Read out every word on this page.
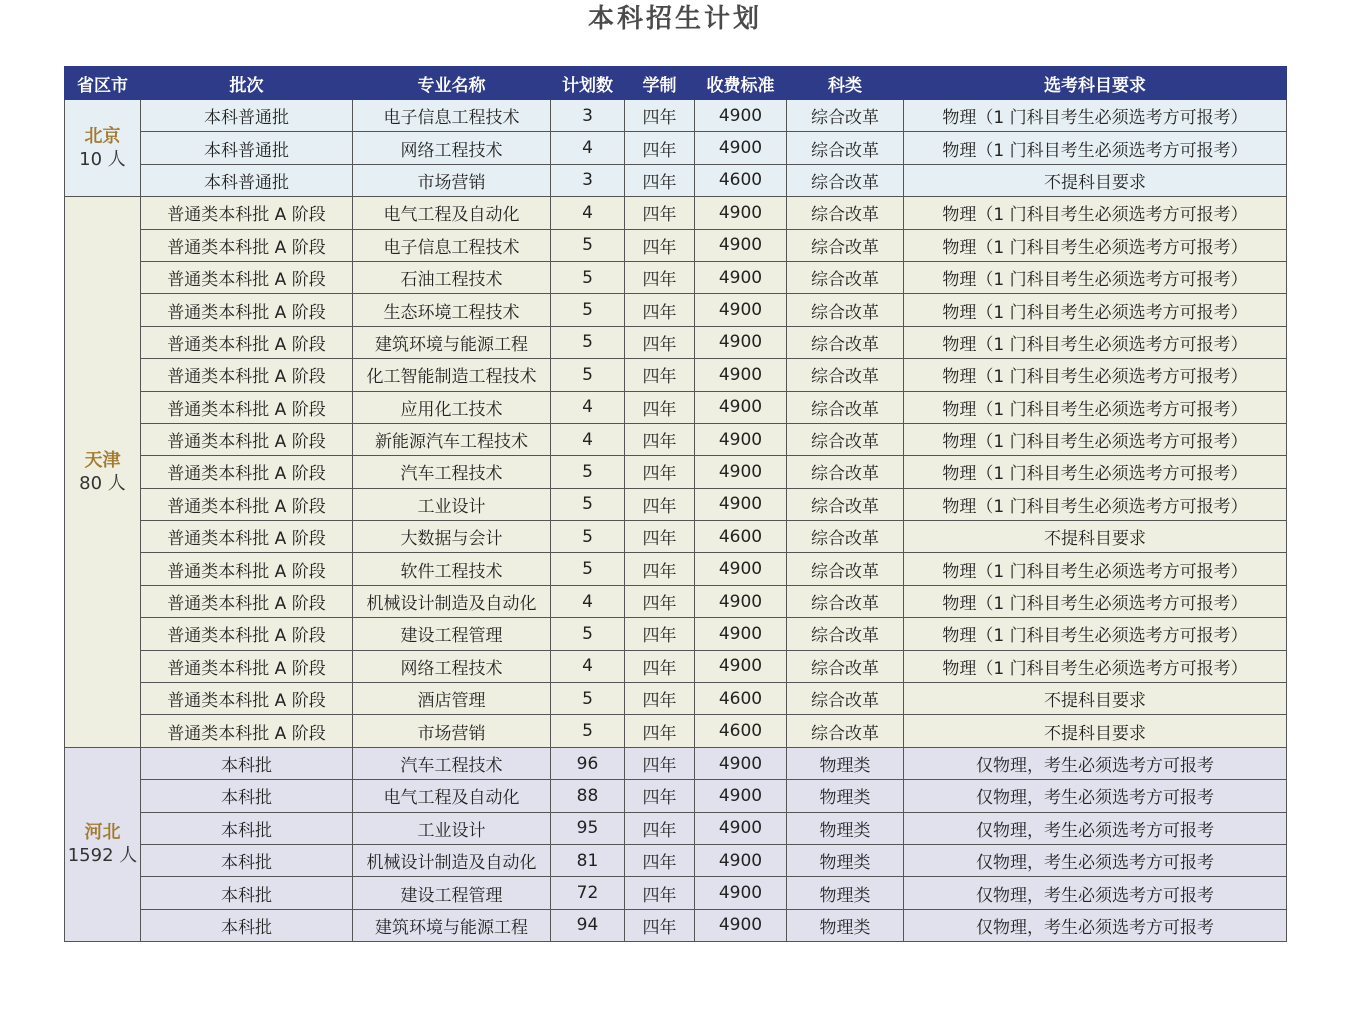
本科招生计划
省区市	批次	专业名称	计划数	学制	收费标准	科类	选考科目要求

北京
10 人	本科普通批	电子信息工程技术	3	四年	4900	综合改革	物理（1 门科目考生必须选考方可报考）
	本科普通批	网络工程技术	4	四年	4900	综合改革	物理（1 门科目考生必须选考方可报考）
	本科普通批	市场营销	3	四年	4600	综合改革	不提科目要求

天津
80 人	普通类本科批 A 阶段	电气工程及自动化	4	四年	4900	综合改革	物理（1 门科目考生必须选考方可报考）
	普通类本科批 A 阶段	电子信息工程技术	5	四年	4900	综合改革	物理（1 门科目考生必须选考方可报考）
	普通类本科批 A 阶段	石油工程技术	5	四年	4900	综合改革	物理（1 门科目考生必须选考方可报考）
	普通类本科批 A 阶段	生态环境工程技术	5	四年	4900	综合改革	物理（1 门科目考生必须选考方可报考）
	普通类本科批 A 阶段	建筑环境与能源工程	5	四年	4900	综合改革	物理（1 门科目考生必须选考方可报考）
	普通类本科批 A 阶段	化工智能制造工程技术	5	四年	4900	综合改革	物理（1 门科目考生必须选考方可报考）
	普通类本科批 A 阶段	应用化工技术	4	四年	4900	综合改革	物理（1 门科目考生必须选考方可报考）
	普通类本科批 A 阶段	新能源汽车工程技术	4	四年	4900	综合改革	物理（1 门科目考生必须选考方可报考）
	普通类本科批 A 阶段	汽车工程技术	5	四年	4900	综合改革	物理（1 门科目考生必须选考方可报考）
	普通类本科批 A 阶段	工业设计	5	四年	4900	综合改革	物理（1 门科目考生必须选考方可报考）
	普通类本科批 A 阶段	大数据与会计	5	四年	4600	综合改革	不提科目要求
	普通类本科批 A 阶段	软件工程技术	5	四年	4900	综合改革	物理（1 门科目考生必须选考方可报考）
	普通类本科批 A 阶段	机械设计制造及自动化	4	四年	4900	综合改革	物理（1 门科目考生必须选考方可报考）
	普通类本科批 A 阶段	建设工程管理	5	四年	4900	综合改革	物理（1 门科目考生必须选考方可报考）
	普通类本科批 A 阶段	网络工程技术	4	四年	4900	综合改革	物理（1 门科目考生必须选考方可报考）
	普通类本科批 A 阶段	酒店管理	5	四年	4600	综合改革	不提科目要求
	普通类本科批 A 阶段	市场营销	5	四年	4600	综合改革	不提科目要求

河北
1592 人	本科批	汽车工程技术	96	四年	4900	物理类	仅物理，考生必须选考方可报考
	本科批	电气工程及自动化	88	四年	4900	物理类	仅物理，考生必须选考方可报考
	本科批	工业设计	95	四年	4900	物理类	仅物理，考生必须选考方可报考
	本科批	机械设计制造及自动化	81	四年	4900	物理类	仅物理，考生必须选考方可报考
	本科批	建设工程管理	72	四年	4900	物理类	仅物理，考生必须选考方可报考
	本科批	建筑环境与能源工程	94	四年	4900	物理类	仅物理，考生必须选考方可报考
